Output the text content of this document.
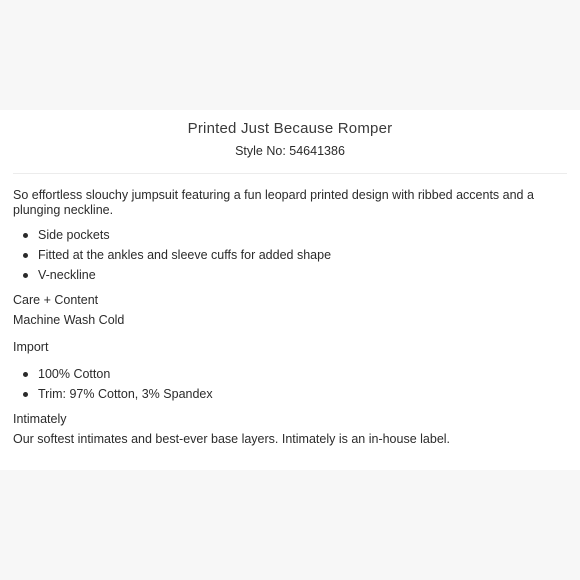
Printed Just Because Romper
Style No: 54641386

So effortless slouchy jumpsuit featuring a fun leopard printed design with ribbed accents and a plunging neckline.

Side pockets
Fitted at the ankles and sleeve cuffs for added shape
V-neckline
Care + Content
Machine Wash Cold
Import
100% Cotton
Trim: 97% Cotton, 3% Spandex
Intimately
Our softest intimates and best-ever base layers. Intimately is an in-house label.
